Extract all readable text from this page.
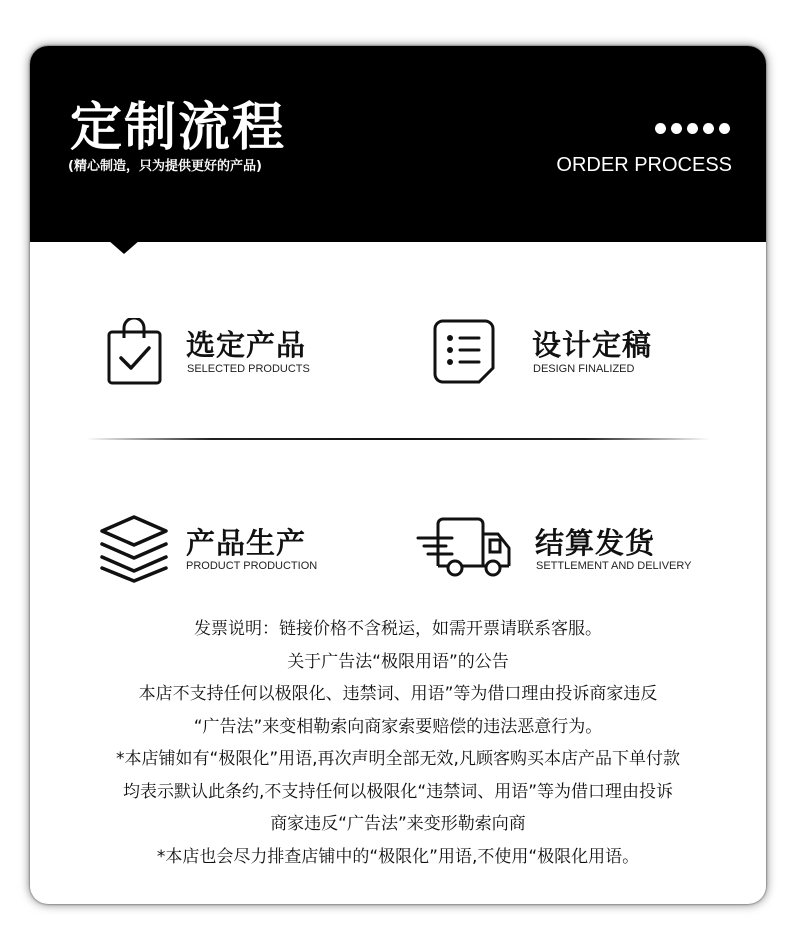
定制流程
(精心制造，只为提供更好的产品)	ORDER PROCESS
选定产品
SELECTED PRODUCTS
设计定稿
DESIGN FINALIZED
产品生产
PRODUCT PRODUCTION
结算发货
SETTLEMENT AND DELIVERY
发票说明：链接价格不含税运，如需开票请联系客服。
关于广告法“极限用语”的公告
本店不支持任何以极限化、违禁词、用语”等为借口理由投诉商家违反
“广告法”来变相勒索向商家索要赔偿的违法恶意行为。
*本店铺如有“极限化”用语,再次声明全部无效,凡顾客购买本店产品下单付款
均表示默认此条约,不支持任何以极限化“违禁词、用语”等为借口理由投诉
商家违反“广告法”来变形勒索向商
*本店也会尽力排查店铺中的“极限化”用语,不使用“极限化用语。
